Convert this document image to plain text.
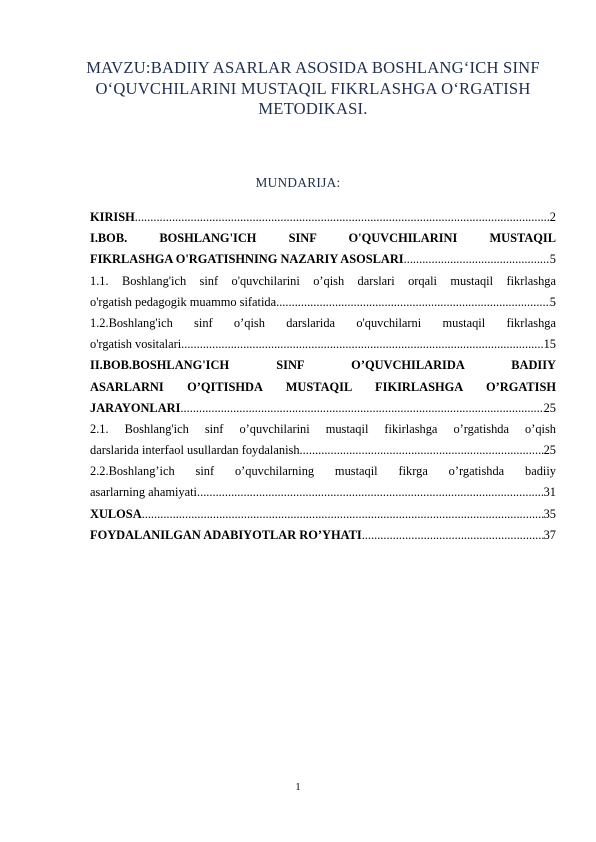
MAVZU:BADIIY ASARLAR ASOSIDA BOSHLANG‘ICH SINF
O‘QUVCHILARINI MUSTAQIL FIKRLASHGA O‘RGATISH
METODIKASI.
MUNDARIJA:
KIRISH .....	2
I.BOB. BOSHLANG'ICH SINF O'QUVCHILARINI MUSTAQIL
FIKRLASHGA O'RGATISHNING NAZARIY ASOSLARI .....	5
1.1. Boshlang'ich sinf o'quvchilarini o’qish darslari orqali mustaqil fikrlashga
o'rgatish pedagogik muammo sifatida .....	5
1.2.Boshlang'ich sinf o’qish darslarida o'quvchilarni mustaqil fikrlashga
o'rgatish vositalari .....	15
II.BOB.BOSHLANG'ICH SINF O’QUVCHILARIDA BADIIY
ASARLARNI O’QITISHDA MUSTAQIL FIKIRLASHGA O’RGATISH
JARAYONLARI .....	25
2.1. Boshlang'ich sinf o’quvchilarini mustaqil fikirlashga o’rgatishda o’qish
darslarida interfaol usullardan foydalanish .....	25
2.2.Boshlang’ich sinf o’quvchilarning mustaqil fikrga o’rgatishda badiiy
asarlarning ahamiyati .....	31
XULOSA .....	35
FOYDALANILGAN ADABIYOTLAR RO’YHATI .....	37
1
